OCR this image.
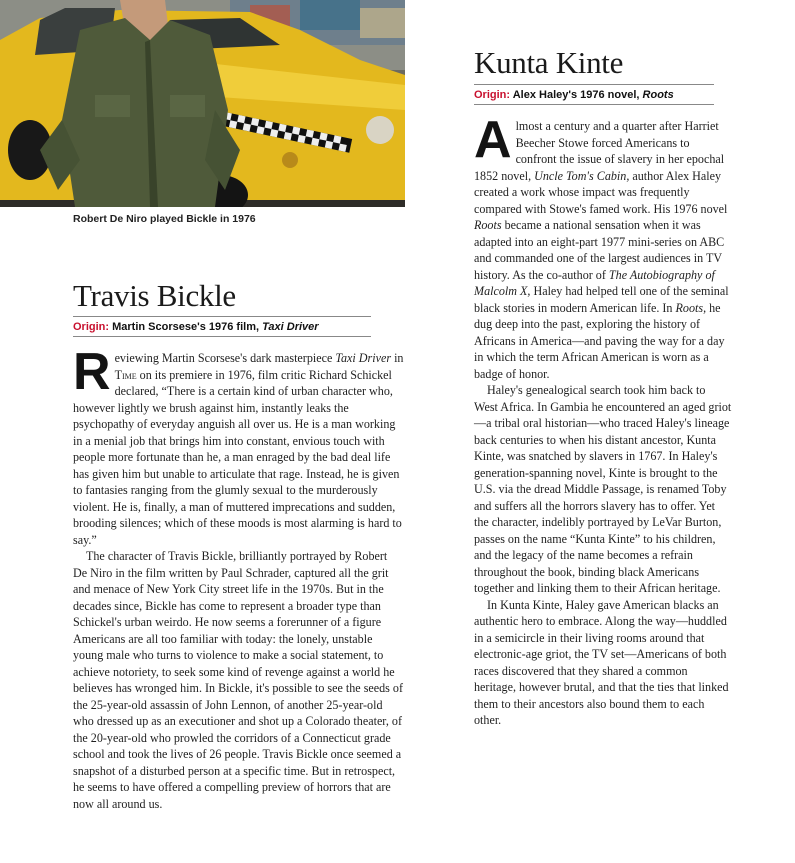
Robert De Niro played Bickle in 1976
Travis Bickle
Origin: Martin Scorsese's 1976 film, Taxi Driver

Reviewing Martin Scorsese's dark masterpiece Taxi Driver in Time on its premiere in 1976, film critic Richard Schickel declared, “There is a certain kind of urban character who, however lightly we brush against him, instantly leaks the psychopathy of everyday anguish all over us. He is a man working in a menial job that brings him into constant, envious touch with people more fortunate than he, a man enraged by the bad deal life has given him but unable to articulate that rage. Instead, he is given to fantasies ranging from the glumly sexual to the murderously violent. He is, finally, a man of muttered imprecations and sudden, brooding silences; which of these moods is most alarming is hard to say.”

The character of Travis Bickle, brilliantly portrayed by Robert De Niro in the film written by Paul Schrader, captured all the grit and menace of New York City street life in the 1970s. But in the decades since, Bickle has come to represent a broader type than Schickel's urban weirdo. He now seems a forerunner of a figure Americans are all too familiar with today: the lonely, unstable young male who turns to violence to make a social statement, to achieve notoriety, to seek some kind of revenge against a world he believes has wronged him. In Bickle, it's possible to see the seeds of the 25-year-old assassin of John Lennon, of another 25-year-old who dressed up as an executioner and shot up a Colorado theater, of the 20-year-old who prowled the corridors of a Connecticut grade school and took the lives of 26 people. Travis Bickle once seemed a snapshot of a disturbed person at a specific time. But in retrospect, he seems to have offered a compelling preview of horrors that are now all around us.

Kunta Kinte
Origin: Alex Haley's 1976 novel, Roots

Almost a century and a quarter after Harriet Beecher Stowe forced Americans to confront the issue of slavery in her epochal 1852 novel, Uncle Tom's Cabin, author Alex Haley created a work whose impact was frequently compared with Stowe's famed work. His 1976 novel Roots became a national sensation when it was adapted into an eight-part 1977 mini-series on ABC and commanded one of the largest audiences in TV history. As the co-author of The Autobiography of Malcolm X, Haley had helped tell one of the seminal black stories in modern American life. In Roots, he dug deep into the past, exploring the history of Africans in America—and paving the way for a day in which the term African American is worn as a badge of honor.

Haley's genealogical search took him back to West Africa. In Gambia he encountered an aged griot—a tribal oral historian—who traced Haley's lineage back centuries to when his distant ancestor, Kunta Kinte, was snatched by slavers in 1767. In Haley's generation-spanning novel, Kinte is brought to the U.S. via the dread Middle Passage, is renamed Toby and suffers all the horrors slavery has to offer. Yet the character, indelibly portrayed by LeVar Burton, passes on the name “Kunta Kinte” to his children, and the legacy of the name becomes a refrain throughout the book, binding black Americans together and linking them to their African heritage.

In Kunta Kinte, Haley gave American blacks an authentic hero to embrace. Along the way—huddled in a semicircle in their living rooms around that electronic-age griot, the TV set—Americans of both races discovered that they shared a common heritage, however brutal, and that the ties that linked them to their ancestors also bound them to each other.
